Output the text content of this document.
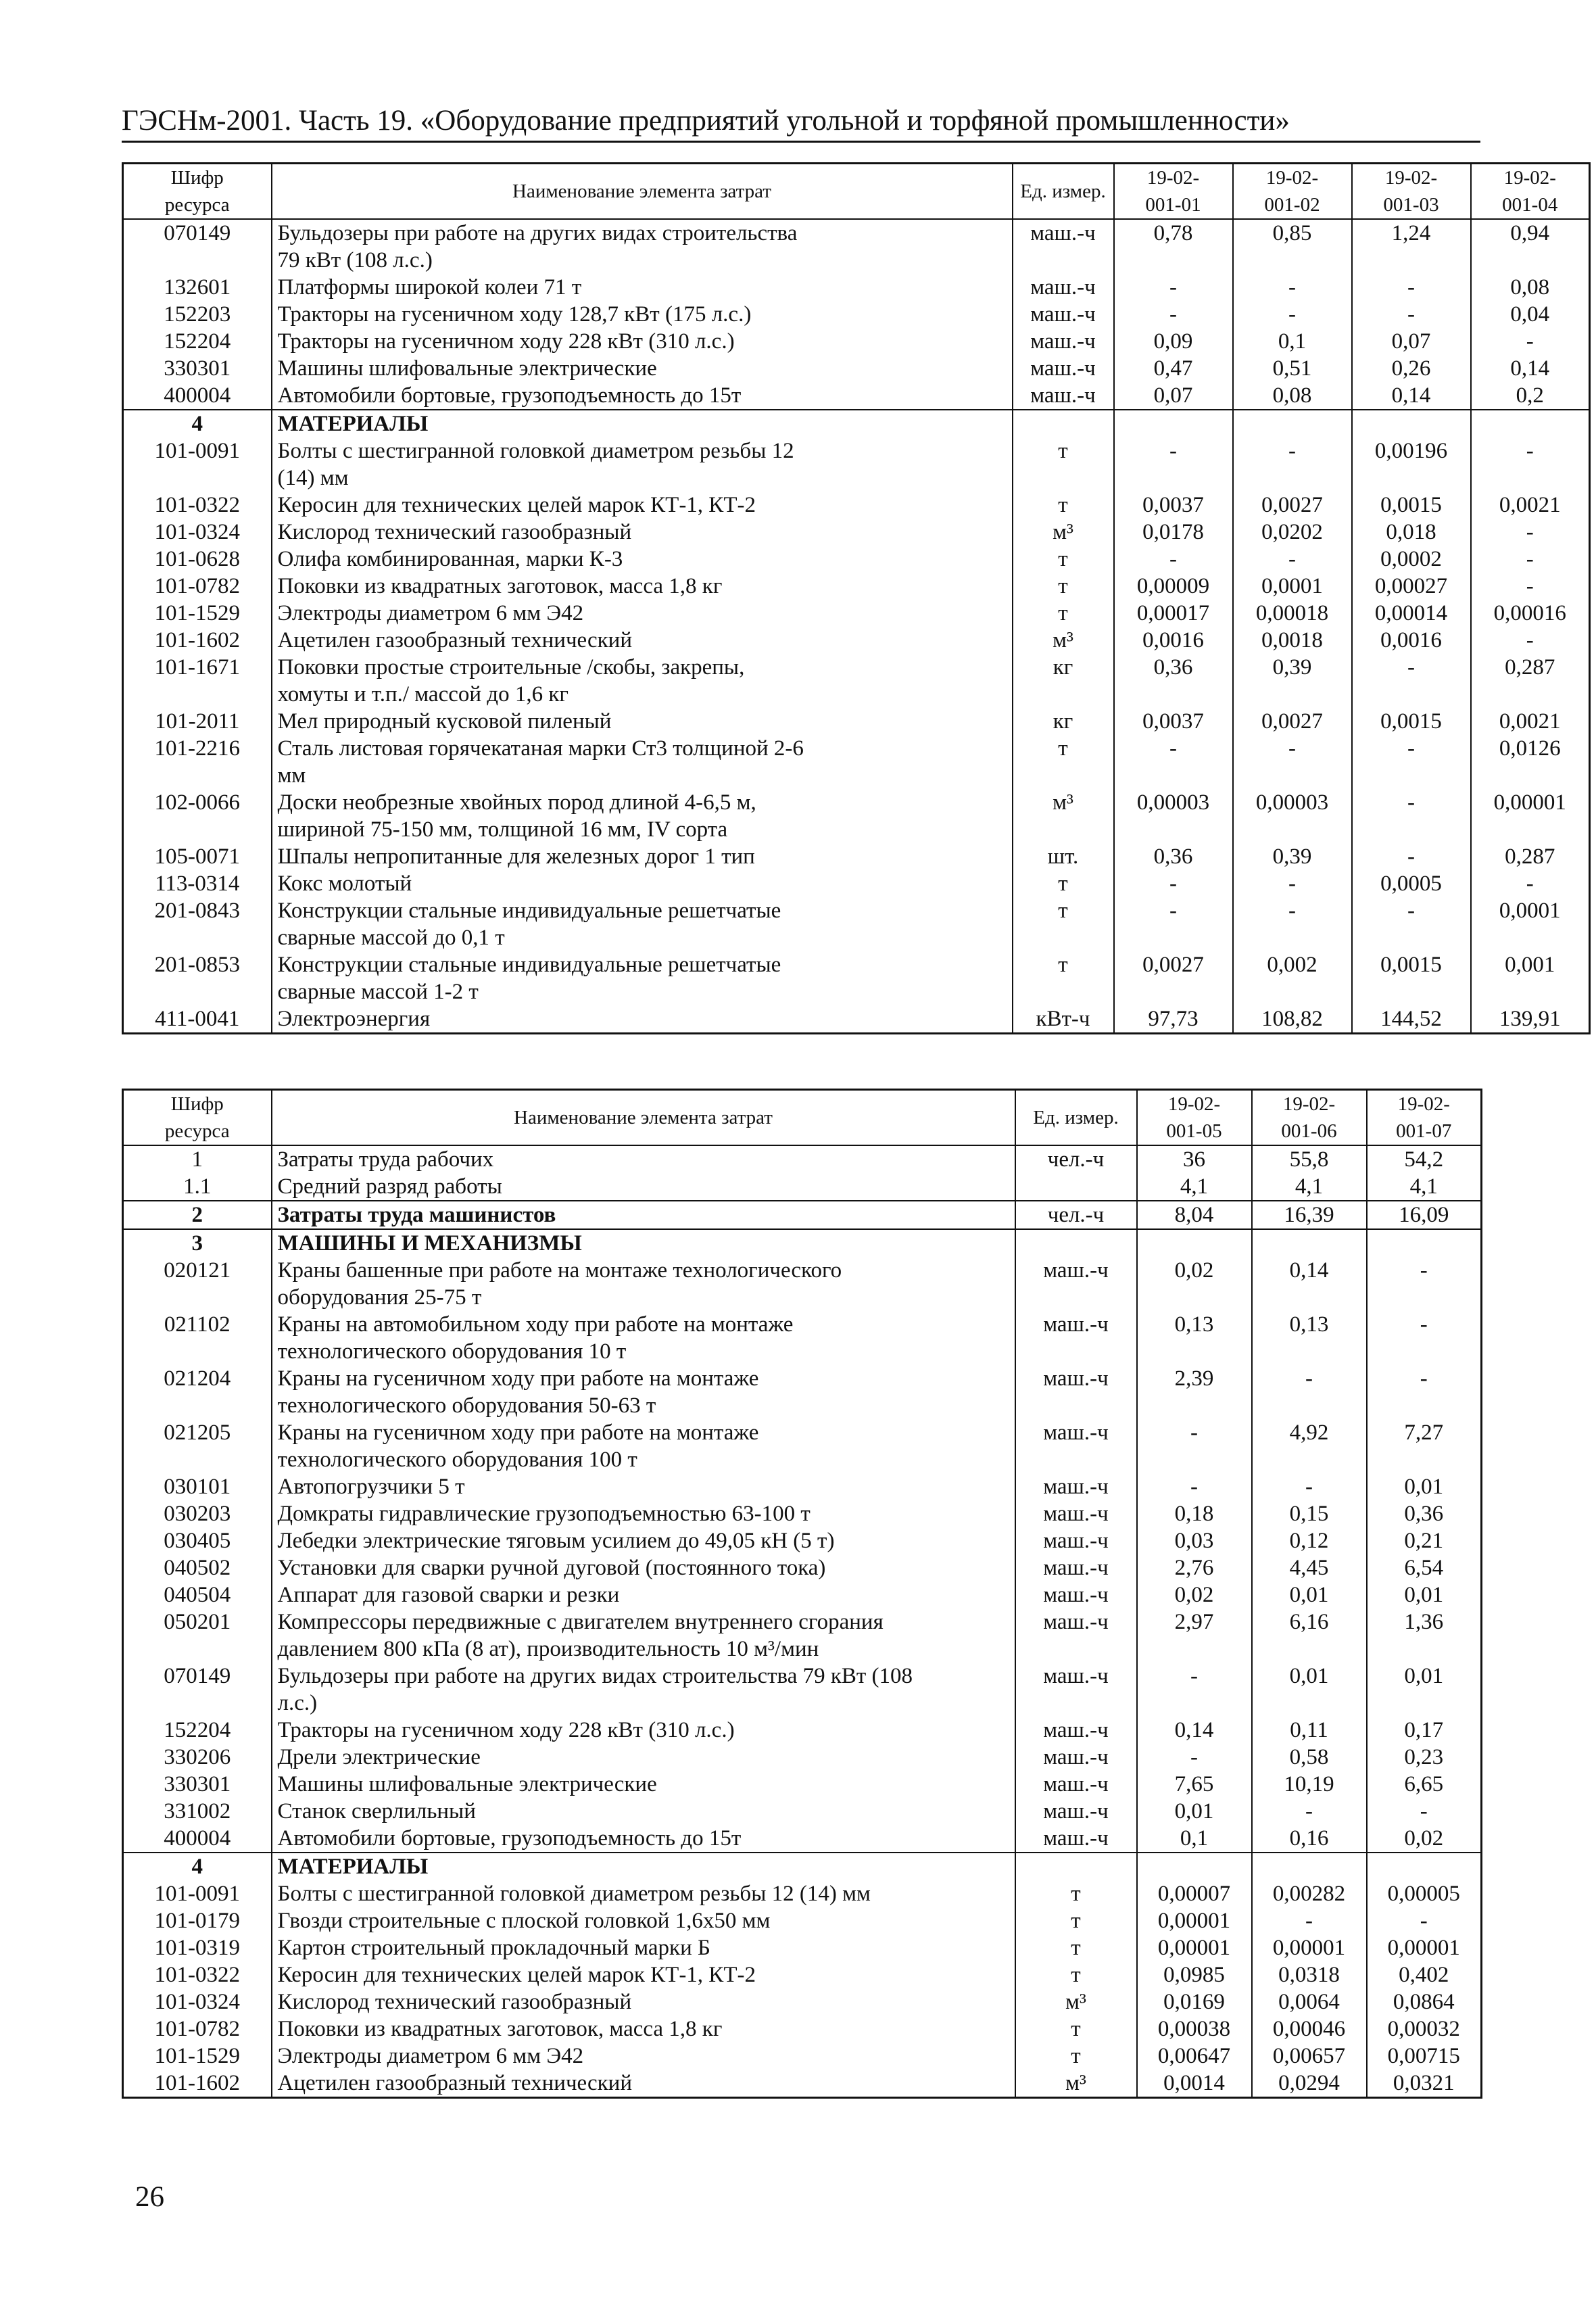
ГЭСНм-2001. Часть 19. «Оборудование предприятий угольной и торфяной промышленности»
Шифр
ресурса	Наименование элемента затрат	Ед. измер.	19-02-
001-01	19-02-
001-02	19-02-
001-03	19-02-
001-04
070149	Бульдозеры при работе на других видах строительства
79 кВт (108 л.с.)	маш.-ч	0,78	0,85	1,24	0,94
132601	Платформы широкой колеи 71 т	маш.-ч	-	-	-	0,08
152203	Тракторы на гусеничном ходу 128,7 кВт (175 л.с.)	маш.-ч	-	-	-	0,04
152204	Тракторы на гусеничном ходу 228 кВт (310 л.с.)	маш.-ч	0,09	0,1	0,07	-
330301	Машины шлифовальные электрические	маш.-ч	0,47	0,51	0,26	0,14
400004	Автомобили бортовые, грузоподъемность до 15т	маш.-ч	0,07	0,08	0,14	0,2
4	МАТЕРИАЛЫ					

101-0091	Болты с шестигранной головкой диаметром резьбы 12
(14) мм	т	-	-	0,00196	-
101-0322	Керосин для технических целей марок КТ-1, КТ-2	т	0,0037	0,0027	0,0015	0,0021
101-0324	Кислород технический газообразный	м³	0,0178	0,0202	0,018	-
101-0628	Олифа комбинированная, марки К-3	т	-	-	0,0002	-
101-0782	Поковки из квадратных заготовок, масса 1,8 кг	т	0,00009	0,0001	0,00027	-
101-1529	Электроды диаметром 6 мм Э42	т	0,00017	0,00018	0,00014	0,00016
101-1602	Ацетилен газообразный технический	м³	0,0016	0,0018	0,0016	-
101-1671	Поковки простые строительные /скобы, закрепы,
хомуты и т.п./ массой до 1,6 кг	кг	0,36	0,39	-	0,287
101-2011	Мел природный кусковой пиленый	кг	0,0037	0,0027	0,0015	0,0021
101-2216	Сталь листовая горячекатаная марки Ст3 толщиной 2-6
мм	т	-	-	-	0,0126
102-0066	Доски необрезные хвойных пород длиной 4-6,5 м,
шириной 75-150 мм, толщиной 16 мм, IV сорта	м³	0,00003	0,00003	-	0,00001
105-0071	Шпалы непропитанные для железных дорог 1 тип	шт.	0,36	0,39	-	0,287
113-0314	Кокс молотый	т	-	-	0,0005	-
201-0843	Конструкции стальные индивидуальные решетчатые
сварные массой до 0,1 т	т	-	-	-	0,0001
201-0853	Конструкции стальные индивидуальные решетчатые
сварные массой 1-2 т	т	0,0027	0,002	0,0015	0,001
411-0041	Электроэнергия	кВт-ч	97,73	108,82	144,52	139,91
Шифр
ресурса	Наименование элемента затрат	Ед. измер.	19-02-
001-05	19-02-
001-06	19-02-
001-07
1	Затраты труда рабочих	чел.-ч	36	55,8	54,2
1.1	Средний разряд работы		4,1	4,1	4,1
2	Затраты труда машинистов	чел.-ч	8,04	16,39	16,09
3	МАШИНЫ И МЕХАНИЗМЫ				

020121	Краны башенные при работе на монтаже технологического
оборудования 25-75 т	маш.-ч	0,02	0,14	-
021102	Краны на автомобильном ходу при работе на монтаже
технологического оборудования 10 т	маш.-ч	0,13	0,13	-
021204	Краны на гусеничном ходу при работе на монтаже
технологического оборудования 50-63 т	маш.-ч	2,39	-	-
021205	Краны на гусеничном ходу при работе на монтаже
технологического оборудования 100 т	маш.-ч	-	4,92	7,27
030101	Автопогрузчики 5 т	маш.-ч	-	-	0,01
030203	Домкраты гидравлические грузоподъемностью 63-100 т	маш.-ч	0,18	0,15	0,36
030405	Лебедки электрические тяговым усилием до 49,05 кН (5 т)	маш.-ч	0,03	0,12	0,21
040502	Установки для сварки ручной дуговой (постоянного тока)	маш.-ч	2,76	4,45	6,54
040504	Аппарат для газовой сварки и резки	маш.-ч	0,02	0,01	0,01
050201	Компрессоры передвижные с двигателем внутреннего сгорания
давлением 800 кПа (8 ат), производительность 10 м³/мин	маш.-ч	2,97	6,16	1,36
070149	Бульдозеры при работе на других видах строительства 79 кВт (108
л.с.)	маш.-ч	-	0,01	0,01
152204	Тракторы на гусеничном ходу 228 кВт (310 л.с.)	маш.-ч	0,14	0,11	0,17
330206	Дрели электрические	маш.-ч	-	0,58	0,23
330301	Машины шлифовальные электрические	маш.-ч	7,65	10,19	6,65
331002	Станок сверлильный	маш.-ч	0,01	-	-
400004	Автомобили бортовые, грузоподъемность до 15т	маш.-ч	0,1	0,16	0,02
4	МАТЕРИАЛЫ				

101-0091	Болты с шестигранной головкой диаметром резьбы 12 (14) мм	т	0,00007	0,00282	0,00005
101-0179	Гвозди строительные с плоской головкой 1,6х50 мм	т	0,00001	-	-
101-0319	Картон строительный прокладочный марки Б	т	0,00001	0,00001	0,00001
101-0322	Керосин для технических целей марок КТ-1, КТ-2	т	0,0985	0,0318	0,402
101-0324	Кислород технический газообразный	м³	0,0169	0,0064	0,0864
101-0782	Поковки из квадратных заготовок, масса 1,8 кг	т	0,00038	0,00046	0,00032
101-1529	Электроды диаметром 6 мм Э42	т	0,00647	0,00657	0,00715
101-1602	Ацетилен газообразный технический	м³	0,0014	0,0294	0,0321
26
